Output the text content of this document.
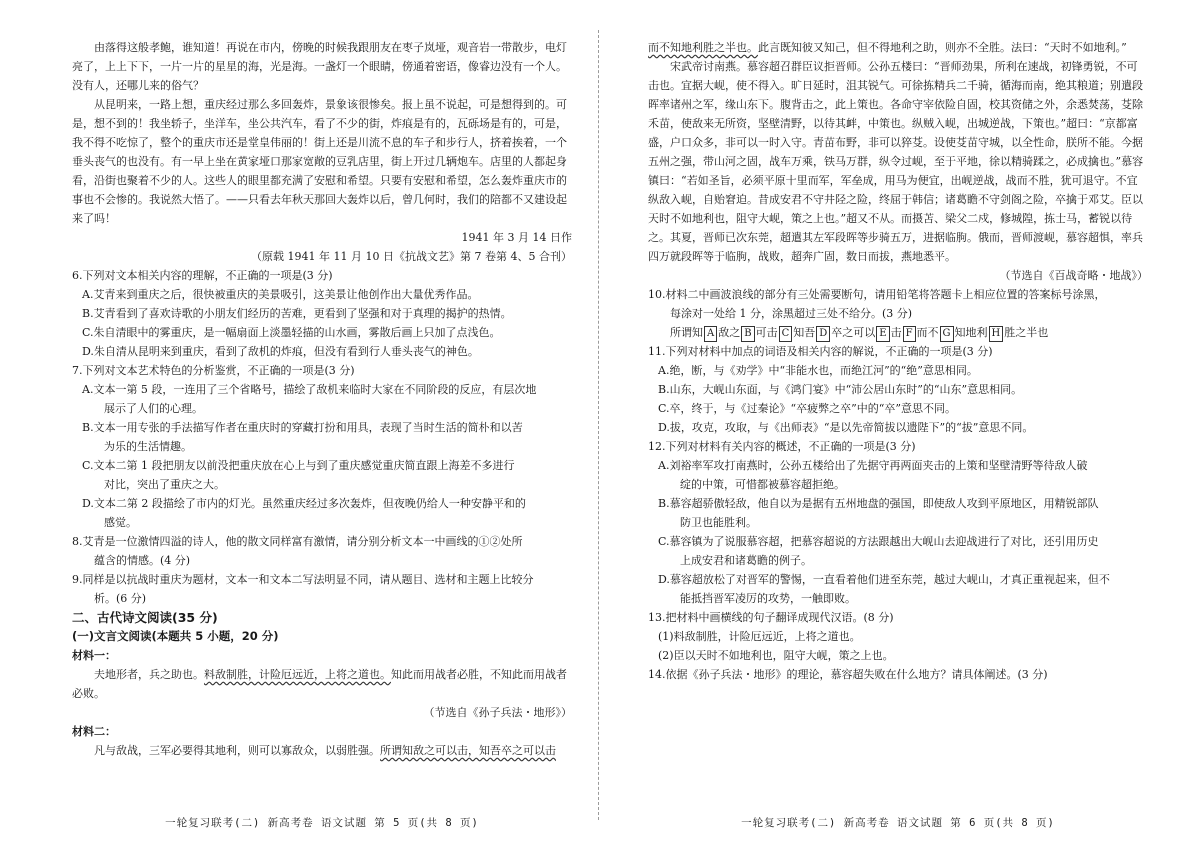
由落得这般孝鲍，谁知道！再说在市内，傍晚的时候我跟朋友在枣子岚垭，观音岩一带散步，电灯亮了，上上下下，一片一片的星星的海，光是海。一盏灯一个眼睛，傍通着密语，像睿边没有一个人。没有人，还哪儿来的俗气？

从昆明来，一路上想，重庆经过那么多回轰炸，景象该很惨矣。报上虽不说起，可是想得到的。可是，想不到的！我坐轿子，坐洋车，坐公共汽车，看了不少的街，炸痕是有的，瓦砾场是有的，可是，我不得不吃惊了，整个的重庆市还是堂皇伟丽的！街上还是川流不息的车子和步行人，挤着挨着，一个垂头丧气的也没有。有一早上坐在黄家垭口那家宽敞的豆乳店里，街上开过几辆炮车。店里的人都起身看，沿街也聚着不少的人。这些人的眼里都充满了安慰和希望。只要有安慰和希望，怎么轰炸重庆市的事也不会惨的。我说然大悟了。——只看去年秋天那回大轰炸以后，曾几何时，我们的陪都不又建设起来了吗！

1941 年 3 月 14 日作

（原载 1941 年 11 月 10 日《抗战文艺》第 7 卷第 4、5 合刊）

6.下列对文本相关内容的理解，不正确的一项是(3 分)

A.艾青来到重庆之后，很快被重庆的美景吸引，这美景让他创作出大量优秀作品。

B.艾青看到了喜欢诗歌的小朋友们经历的苦难，更看到了坚强和对于真理的揭护的热情。

C.朱自清眼中的雾重庆，是一幅扇面上淡墨轻描的山水画，雾散后画上只加了点浅色。

D.朱自清从昆明来到重庆，看到了敌机的炸痕，但没有看到行人垂头丧气的神色。

7.下列对文本艺术特色的分析鉴赏，不正确的一项是(3 分)

A.文本一第 5 段，一连用了三个省略号，描绘了敌机来临时大家在不同阶段的反应，有层次地
展示了人们的心理。

B.文本一用专张的手法描写作者在重庆时的穿藏打扮和用具，表现了当时生活的简朴和以苦
为乐的生活情趣。

C.文本二第 1 段把朋友以前没把重庆放在心上与到了重庆感觉重庆简直跟上海差不多进行
对比，突出了重庆之大。

D.文本二第 2 段描绘了市内的灯光。虽然重庆经过多次轰炸，但夜晚仍给人一种安静平和的
感觉。

8.艾青是一位激情四溢的诗人，他的散文同样富有激情，请分别分析文本一中画线的①②处所
蕴含的情感。(4 分)

9.同样是以抗战时重庆为题材，文本一和文本二写法明显不同，请从题目、选材和主题上比较分
析。(6 分)

二、古代诗文阅读(35 分)

(一)文言文阅读(本题共 5 小题，20 分)

材料一：

夫地形者，兵之助也。料敌制胜，计险厄远近，上将之道也。知此而用战者必胜，不知此而用战者必败。

（节选自《孙子兵法・地形》）

材料二：

凡与敌战，三军必要得其地利，则可以寡敌众，以弱胜强。所谓知敌之可以击，知吾卒之可以击

而不知地利胜之半也。此言既知彼又知己，但不得地利之助，则亦不全胜。法曰：“天时不如地利。”

宋武帝讨南燕。慕容超召群臣议拒晋师。公孙五楼曰：“晋师劲果，所利在速战，初锋勇锐，不可击也。宜据大岘，使不得入。旷日延时，沮其锐气。可徐拣精兵二千骑，循海而南，绝其粮道；别遣段晖率诸州之军，缘山东下。腹背击之，此上策也。各命守宰依险自固，校其资储之外，余悉焚荡，芟除禾苗，使敌来无所资，坚壁清野，以待其衅，中策也。纵贼入岘，出城逆战，下策也。”超曰：“京都富盛，户口众多，非可以一时入守。青苗布野，非可以猝芟。设使芟苗守城，以全性命，朕所不能。今据五州之强，带山河之固，战车万乘，铁马万群，纵令过岘，至于平地，徐以精骑蹂之，必成擒也。”慕容镇曰：“若如圣旨，必须平原十里而军，军垒成，用马为便宜，出岘逆战，战而不胜，犹可退守。不宜纵敌入岘，自贻窘迫。昔成安君不守井陉之险，终屈于韩信；诸葛瞻不守剑阁之险，卒擒于邓艾。臣以天时不如地利也，阻守大岘，策之上也。”超又不从。而摄苫、梁父二戍，修城隍，拣士马，蓄锐以待之。其夏，晋师已次东莞，超遣其左军段晖等步骑五万，进据临朐。俄而，晋师渡岘，慕容超惧，率兵四万就段晖等于临朐，战败，超奔广固，数日而拔，燕地悉平。

（节选自《百战奇略・地战》）

10.材料二中画波浪线的部分有三处需要断句，请用铅笔将答题卡上相应位置的答案标号涂黑，
每涂对一处给 1 分，涂黑超过三处不给分。(3 分)

所谓知 A 敌之 B 可击 C 知吾 D 卒之可以 E 击 F 而不 G 知地利 H 胜之半也

11.下列对材料中加点的词语及相关内容的解说，不正确的一项是(3 分)

A.绝，断，与《劝学》中“非能水也，而绝江河”的“绝”意思相同。

B.山东，大岘山东面，与《鸿门宴》中“沛公居山东时”的“山东”意思相同。

C.卒，终于，与《过秦论》“卒疲弊之卒”中的“卒”意思不同。

D.拔，攻克，攻取，与《出师表》“是以先帝简拔以遗陛下”的“拔”意思不同。

12.下列对材料有关内容的概述，不正确的一项是(3 分)

A.刘裕率军攻打南燕时，公孙五楼给出了先据守再两面夹击的上策和坚壁清野等待敌人破
绽的中策，可惜都被慕容超拒绝。

B.慕容超骄傲轻敌，他自以为是据有五州地盘的强国，即使敌人攻到平原地区，用精锐部队
防卫也能胜利。

C.慕容镇为了说服慕容超，把慕容超说的方法跟越出大岘山去迎战进行了对比，还引用历史
上成安君和诸葛瞻的例子。

D.慕容超放松了对晋军的警惕，一直看着他们进至东莞，越过大岘山，才真正重视起来，但不
能抵挡晋军凌厉的攻势，一触即败。

13.把材料中画横线的句子翻译成现代汉语。(8 分)

(1)料敌制胜，计险厄远近，上将之道也。

(2)臣以天时不如地利也，阻守大岘，策之上也。

14.依据《孙子兵法・地形》的理论，慕容超失败在什么地方？请具体阐述。(3 分)

一轮复习联考(二) 新高考卷 语文试题 第 5 页(共 8 页)	一轮复习联考(二) 新高考卷 语文试题 第 6 页(共 8 页)
